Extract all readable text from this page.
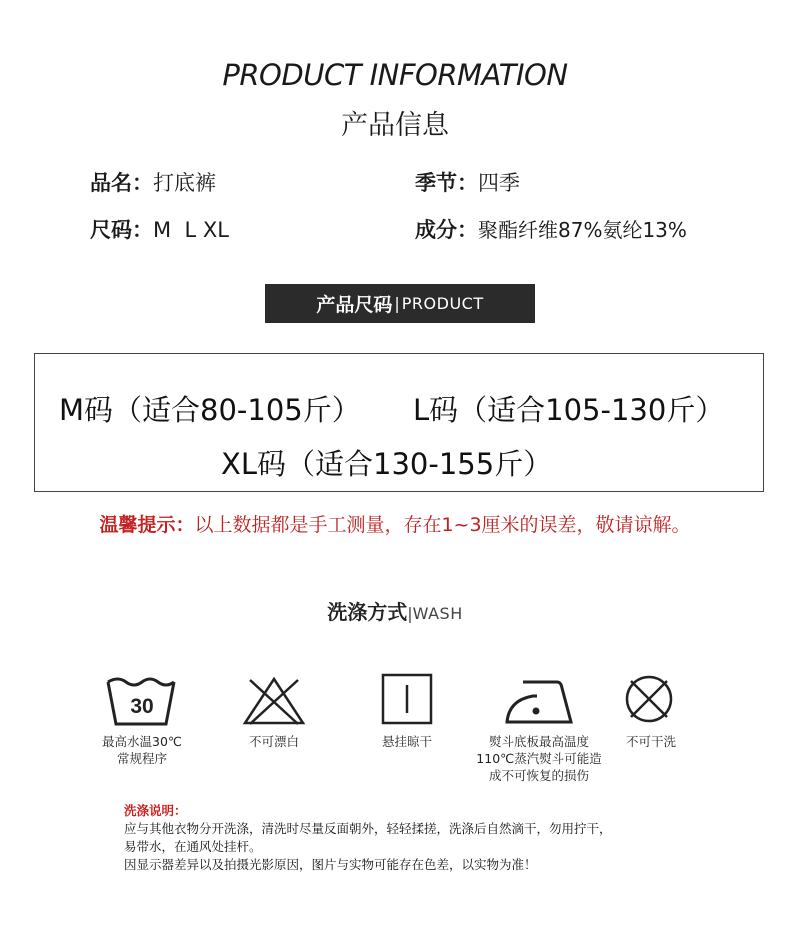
PRODUCT INFORMATION
产品信息
品名：打底裤	季节：四季
尺码：M  L XL	成分：聚酯纤维87%氨纶13%
产品尺码 | PRODUCT
M码（适合80-105斤） L码（适合105-130斤）
XL码（适合130-155斤）
温馨提示：以上数据都是手工测量，存在1~3厘米的误差，敬请谅解。
洗涤方式|WASH
30
最高水温30℃
常规程序
不可漂白	悬挂晾干	熨斗底板最高温度
110℃蒸汽熨斗可能造
成不可恢复的损伤
不可干洗
洗涤说明：
应与其他衣物分开洗涤，清洗时尽量反面朝外，轻轻揉搓，洗涤后自然滴干，勿用拧干，
易带水，在通风处挂杆。
因显示器差异以及拍摄光影原因，图片与实物可能存在色差，以实物为准！
